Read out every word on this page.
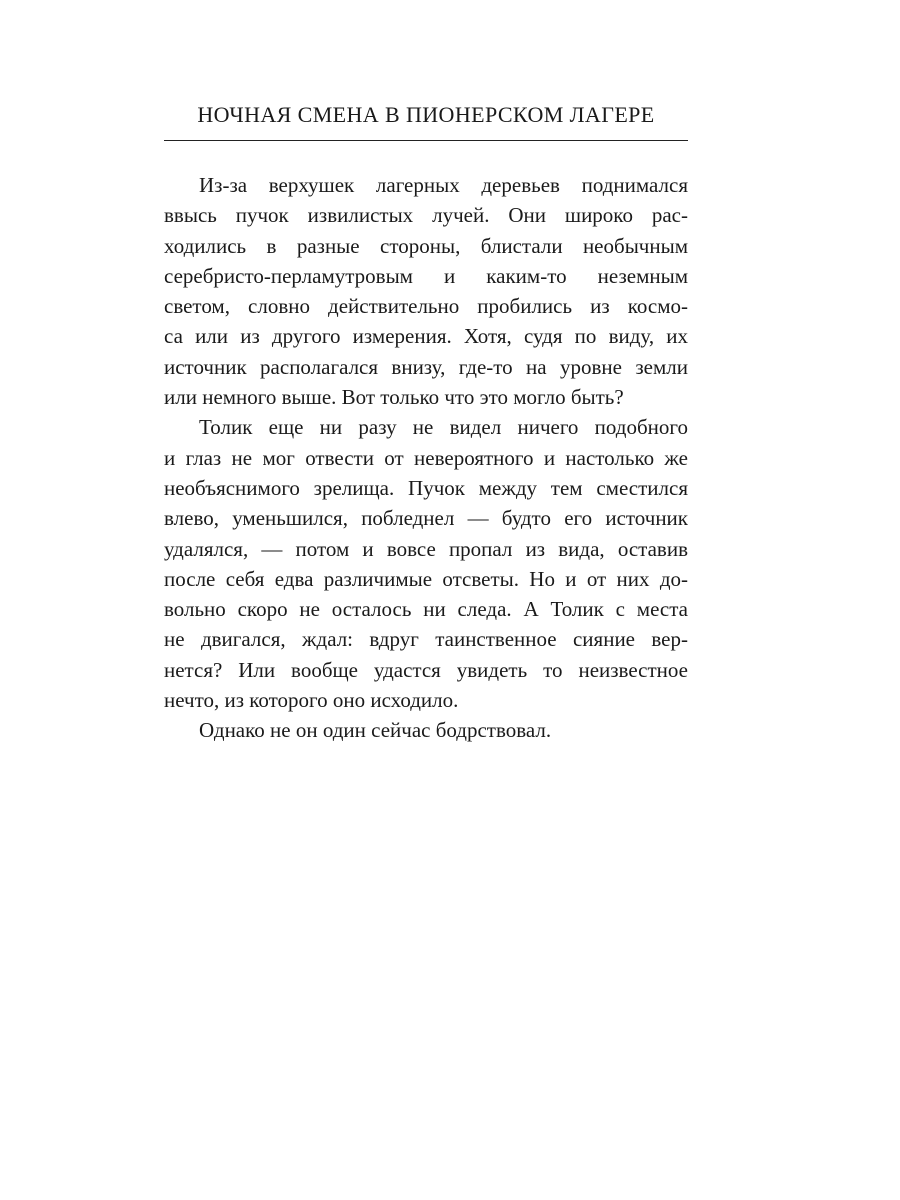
НОЧНАЯ СМЕНА В ПИОНЕРСКОМ ЛАГЕРЕ

Из-за верхушек лагерных деревьев поднимался
ввысь пучок извилистых лучей. Они широко рас-
ходились в разные стороны, блистали необычным
серебристо-перламутровым и каким-то неземным
светом, словно действительно пробились из космо-
са или из другого измерения. Хотя, судя по виду, их
источник располагался внизу, где-то на уровне земли
или немного выше. Вот только что это могло быть?

Толик еще ни разу не видел ничего подобного
и глаз не мог отвести от невероятного и настолько же
необъяснимого зрелища. Пучок между тем сместился
влево, уменьшился, побледнел — будто его источник
удалялся, — потом и вовсе пропал из вида, оставив
после себя едва различимые отсветы. Но и от них до-
вольно скоро не осталось ни следа. А Толик с места
не двигался, ждал: вдруг таинственное сияние вер-
нется? Или вообще удастся увидеть то неизвестное
нечто, из которого оно исходило.

Однако не он один сейчас бодрствовал.
